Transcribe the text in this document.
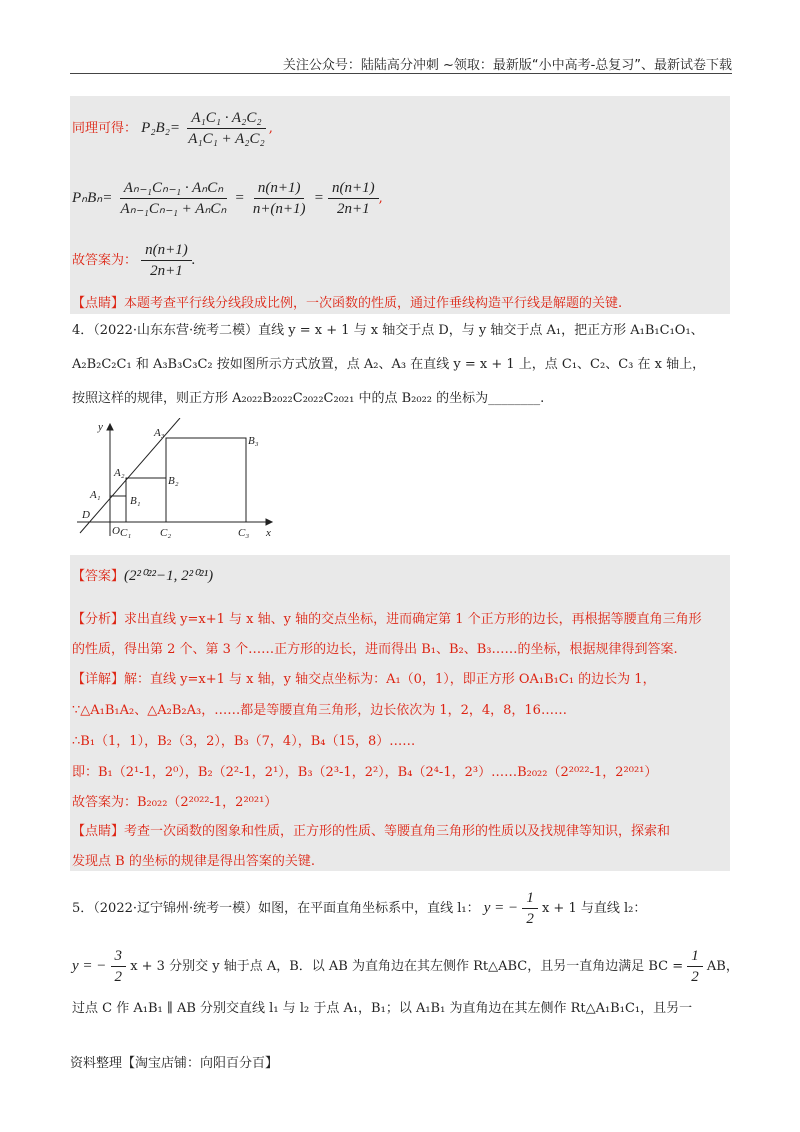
关注公众号：陆陆高分冲刺 ~领取：最新版“小中高考-总复习”、最新试卷下载
同理可得： $P_2B_2= \frac{\text{A₁C₁ · A₂C₂}}{\text{A₁C₁ + A₂C₂}}$ ,
$P_nB_n= \frac{\text{Aₙ₋₁Cₙ₋₁ · AₙCₙ}}{\text{Aₙ₋₁Cₙ₋₁ + AₙCₙ}} = \frac{n(n+1)}{n+(n+1)} = \frac{n(n+1)}{2n+1}$ ,
故答案为： $\frac{n(n+1)}{2n+1}$ .
【点睛】本题考查平行线分线段成比例，一次函数的性质，通过作垂线构造平行线是解题的关键.
4．（2022·山东东营·统考二模）直线 y = x + 1 与 x 轴交于点 D，与 y 轴交于点 A₁，把正方形 A₁B₁C₁O₁、
A₂B₂C₂C₁ 和 A₃B₃C₃C₂ 按如图所示方式放置，点 A₂、A₃ 在直线 y = x + 1 上，点 C₁、C₂、C₃ 在 x 轴上，
按照这样的规律，则正方形 A₂₀₂₂B₂₀₂₂C₂₀₂₂C₂₀₂₁ 中的点 B₂₀₂₂ 的坐标为________.
y
x
O
D
A₁
A₂
A₃
B₁
B₂
B₃
C₁	C₂	C₃
【答案】(2²⁰²²−1, 2²⁰²¹)
【分析】求出直线 y=x+1 与 x 轴、y 轴的交点坐标，进而确定第 1 个正方形的边长，再根据等腰直角三角形
的性质，得出第 2 个、第 3 个……正方形的边长，进而得出 B₁、B₂、B₃……的坐标，根据规律得到答案.
【详解】解：直线 y=x+1 与 x 轴，y 轴交点坐标为：A₁（0，1），即正方形 OA₁B₁C₁ 的边长为 1，
∵△A₁B₁A₂、△A₂B₂A₃，……都是等腰直角三角形，边长依次为 1，2，4，8，16……
∴B₁（1，1），B₂（3，2），B₃（7，4），B₄（15，8）……
即：B₁（2¹-1，2⁰），B₂（2²-1，2¹），B₃（2³-1，2²），B₄（2⁴-1，2³）……B₂₀₂₂（2²⁰²²-1，2²⁰²¹）
故答案为：B₂₀₂₂（2²⁰²²-1，2²⁰²¹）
【点睛】考查一次函数的图象和性质，正方形的性质、等腰直角三角形的性质以及找规律等知识，探索和
发现点 B 的坐标的规律是得出答案的关键.
5．（2022·辽宁锦州·统考一模）如图，在平面直角坐标系中，直线 l₁： y = − $\frac{1}{2}$ x + 1 与直线 l₂：
y = − $\frac{3}{2}$ x + 3 分别交 y 轴于点 A，B．以 AB 为直角边在其左侧作 Rt△ABC，且另一直角边满足 BC = $\frac{1}{2}$ AB，
过点 C 作 A₁B₁ ∥ AB 分别交直线 l₁ 与 l₂ 于点 A₁，B₁；以 A₁B₁ 为直角边在其左侧作 Rt△A₁B₁C₁，且另一
资料整理【淘宝店铺：向阳百分百】
